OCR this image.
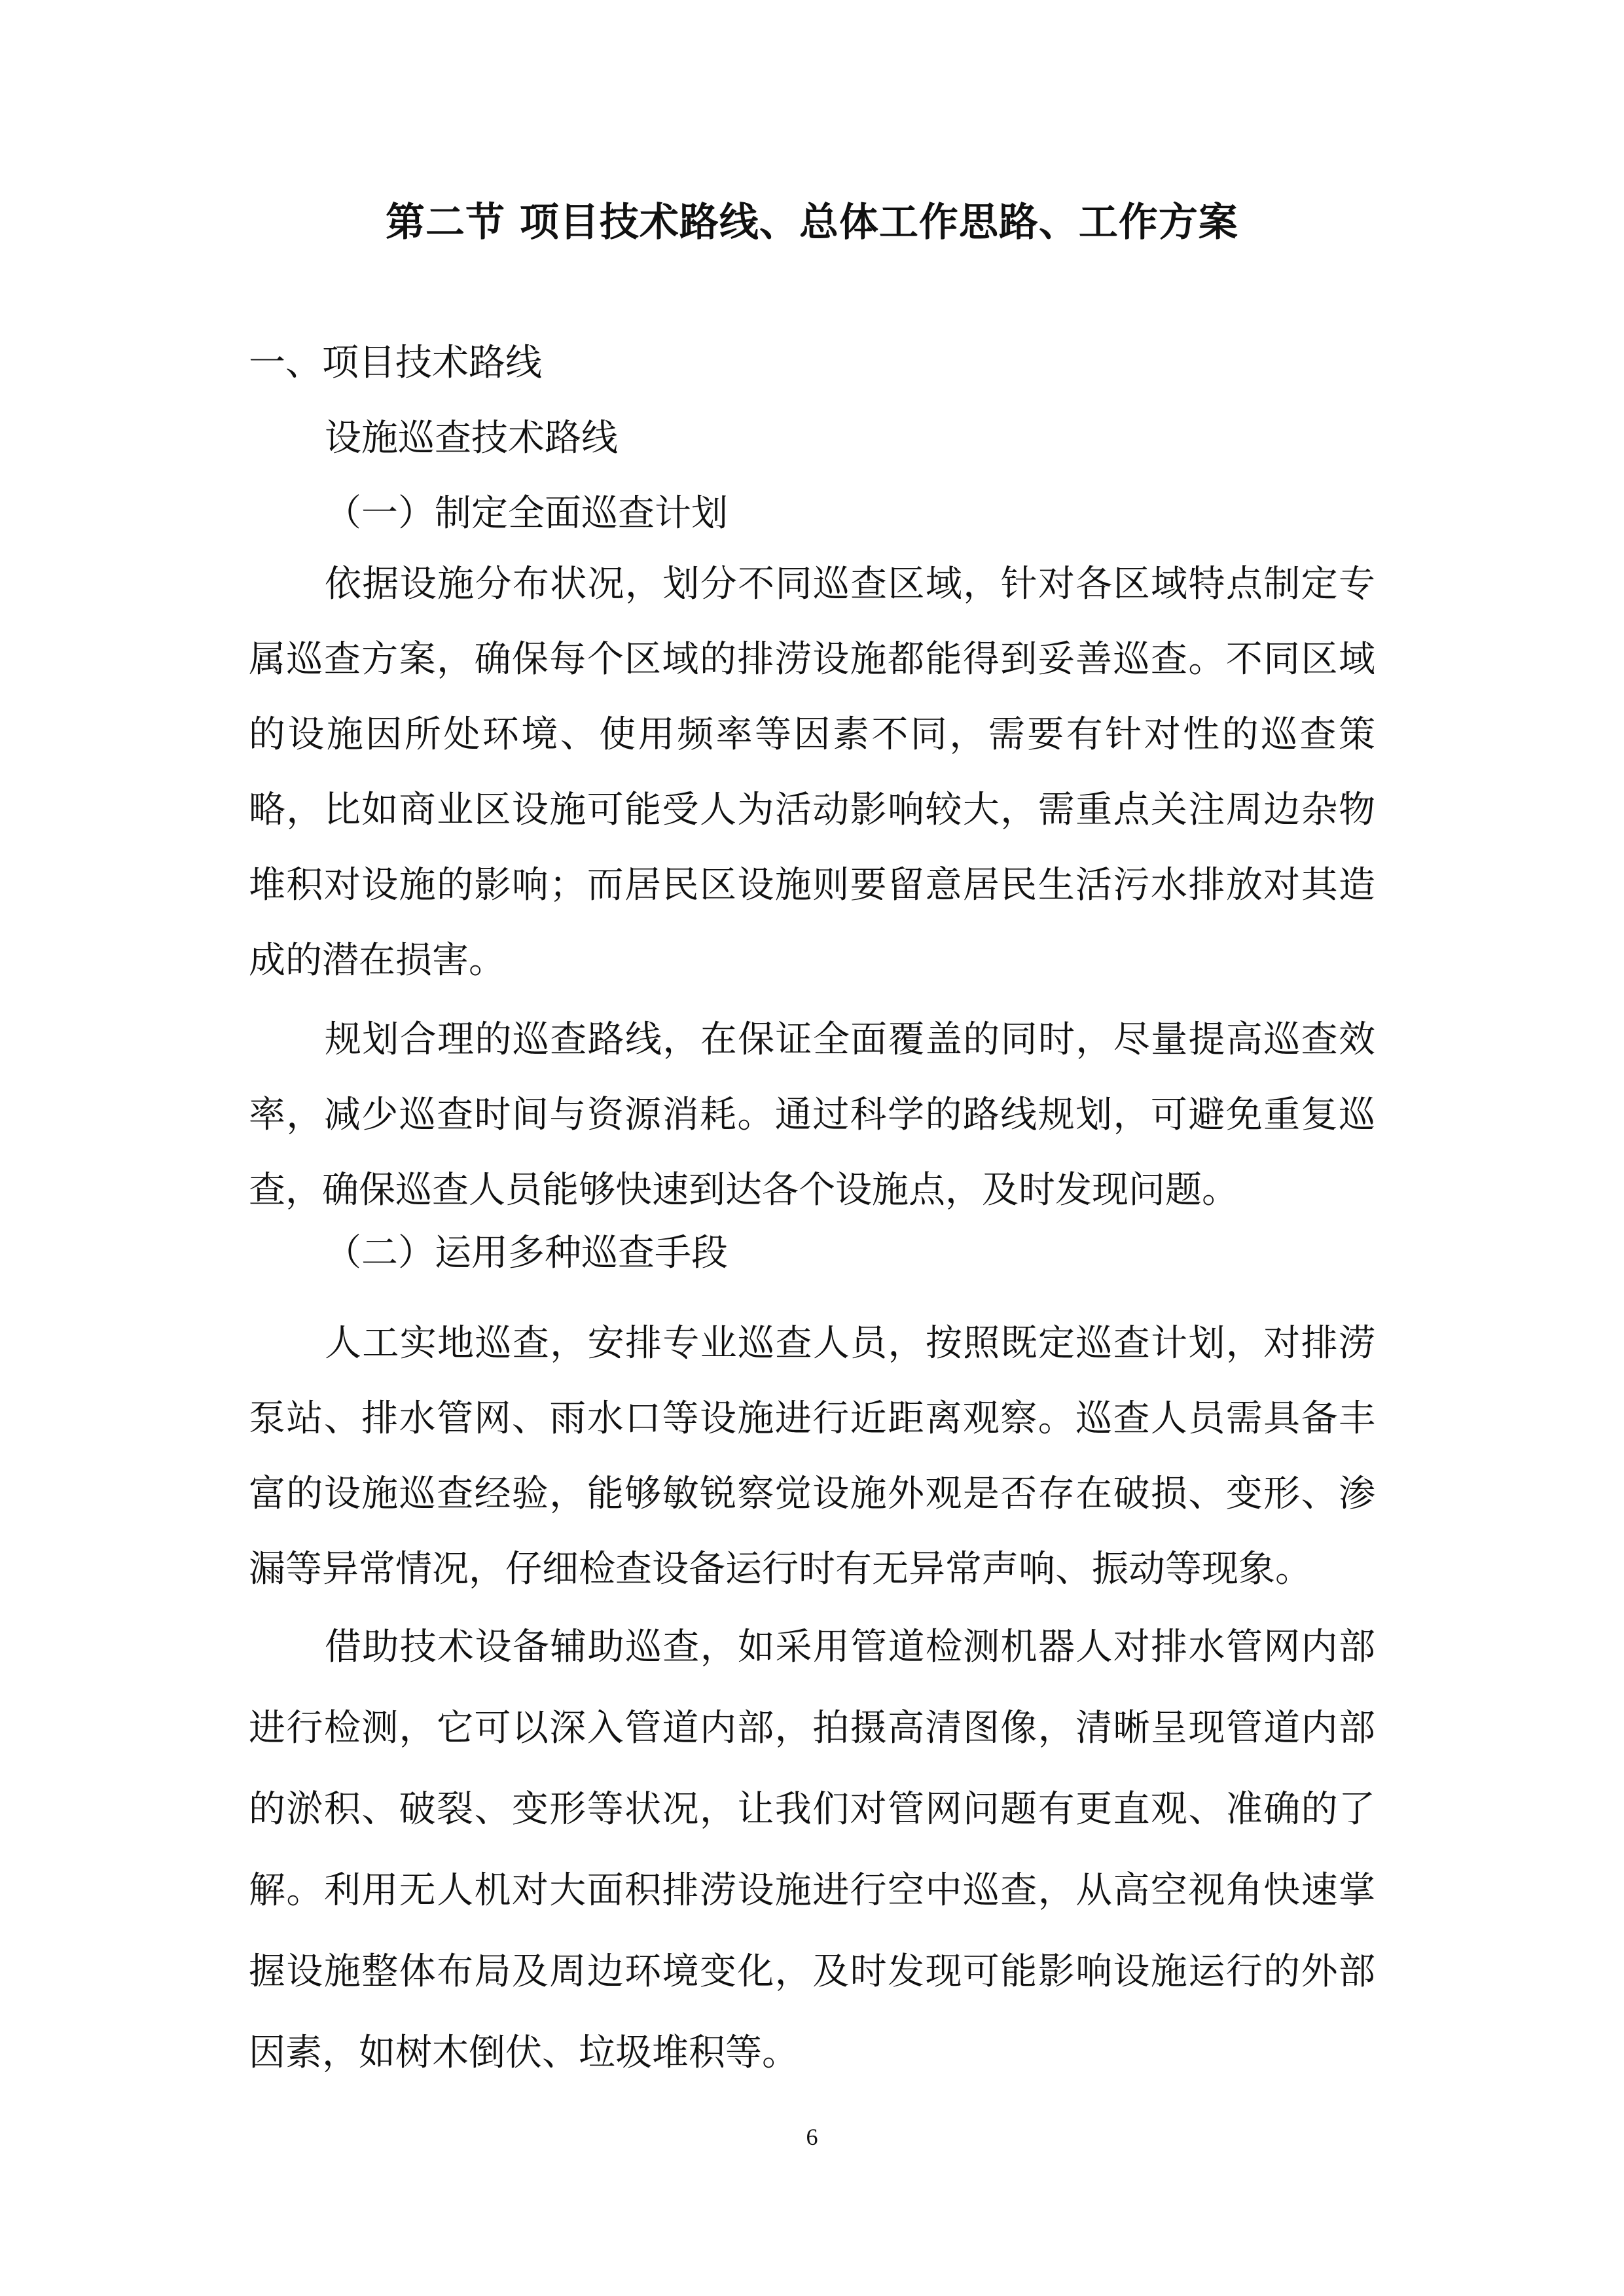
第二节 项目技术路线、总体工作思路、工作方案
一、项目技术路线
设施巡查技术路线
（一）制定全面巡查计划

依据设施分布状况，划分不同巡查区域，针对各区域特点制定专属巡查方案，确保每个区域的排涝设施都能得到妥善巡查。不同区域的设施因所处环境、使用频率等因素不同，需要有针对性的巡查策略，比如商业区设施可能受人为活动影响较大，需重点关注周边杂物堆积对设施的影响；而居民区设施则要留意居民生活污水排放对其造成的潜在损害。

规划合理的巡查路线，在保证全面覆盖的同时，尽量提高巡查效率，减少巡查时间与资源消耗。通过科学的路线规划，可避免重复巡查，确保巡查人员能够快速到达各个设施点，及时发现问题。

（二）运用多种巡查手段

人工实地巡查，安排专业巡查人员，按照既定巡查计划，对排涝泵站、排水管网、雨水口等设施进行近距离观察。巡查人员需具备丰富的设施巡查经验，能够敏锐察觉设施外观是否存在破损、变形、渗漏等异常情况，仔细检查设备运行时有无异常声响、振动等现象。

借助技术设备辅助巡查，如采用管道检测机器人对排水管网内部进行检测，它可以深入管道内部，拍摄高清图像，清晰呈现管道内部的淤积、破裂、变形等状况，让我们对管网问题有更直观、准确的了解。利用无人机对大面积排涝设施进行空中巡查，从高空视角快速掌握设施整体布局及周边环境变化，及时发现可能影响设施运行的外部因素，如树木倒伏、垃圾堆积等。

6
